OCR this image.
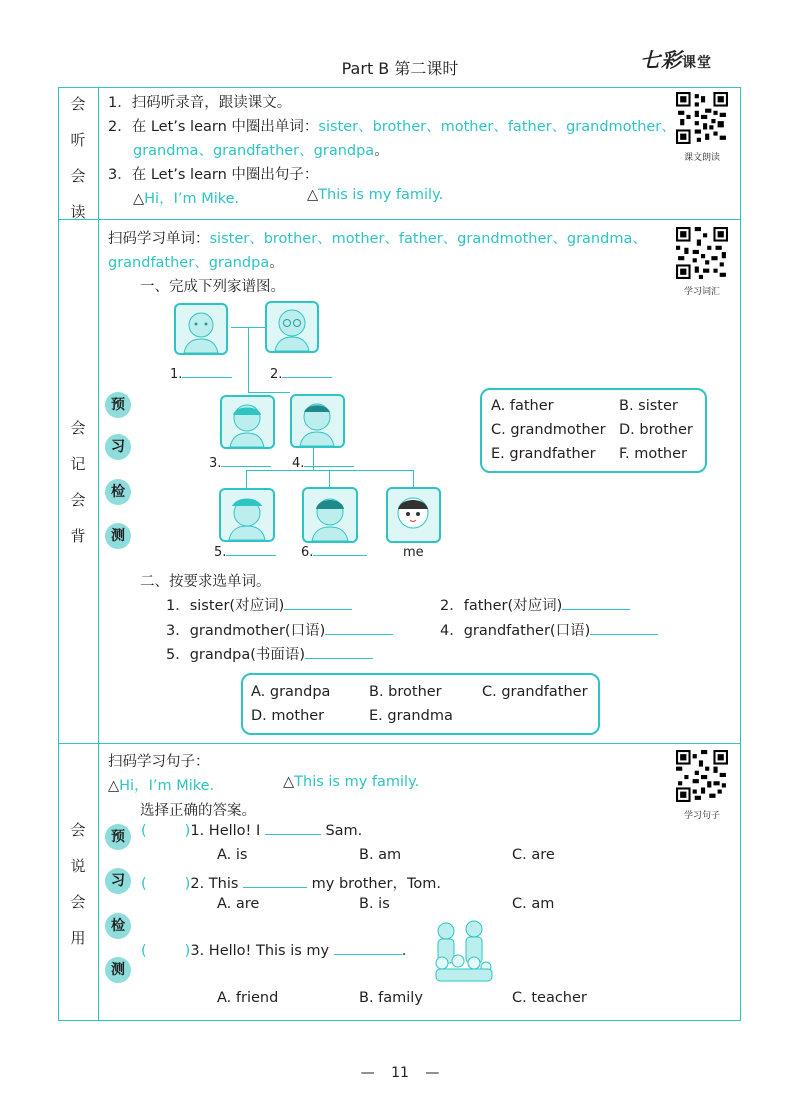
Part B 第二课时	七彩课堂
会
听
会
读
1．扫码听录音，跟读课文。
2．在 Let’s learn 中圈出单词：sister、brother、mother、father、grandmother、
grandma、grandfather、grandpa。
3．在 Let’s learn 中圈出句子：
△Hi，I’m Mike.	△This is my family.
课文朗读
会
记
会
背
预
习
检
测
扫码学习单词：sister、brother、mother、father、grandmother、grandma、
grandfather、grandpa。
学习词汇
一、完成下列家谱图。
1.	2.
3.	4.
5.	6.	me
A. father	B. sister
C. grandmother D. brother
E. grandfather F. mother
二、按要求选单词。
1．sister(对应词)	2．father(对应词)
3．grandmother(口语)	4．grandfather(口语)
5．grandpa(书面语)
A. grandpa	B. brother	C. grandfather
D. mother	E. grandma
会
说
会
用
预
习
检
测
扫码学习句子：
△Hi，I’m Mike.	△This is my family.
学习句子
选择正确的答案。
(	)1. Hello! I	Sam.
A. is	B. am	C. are
(	)2. This	my brother，Tom.
A. are	B. is	C. am
(	)3. Hello! This is my	.
A. friend	B. family	C. teacher
— 11 —
